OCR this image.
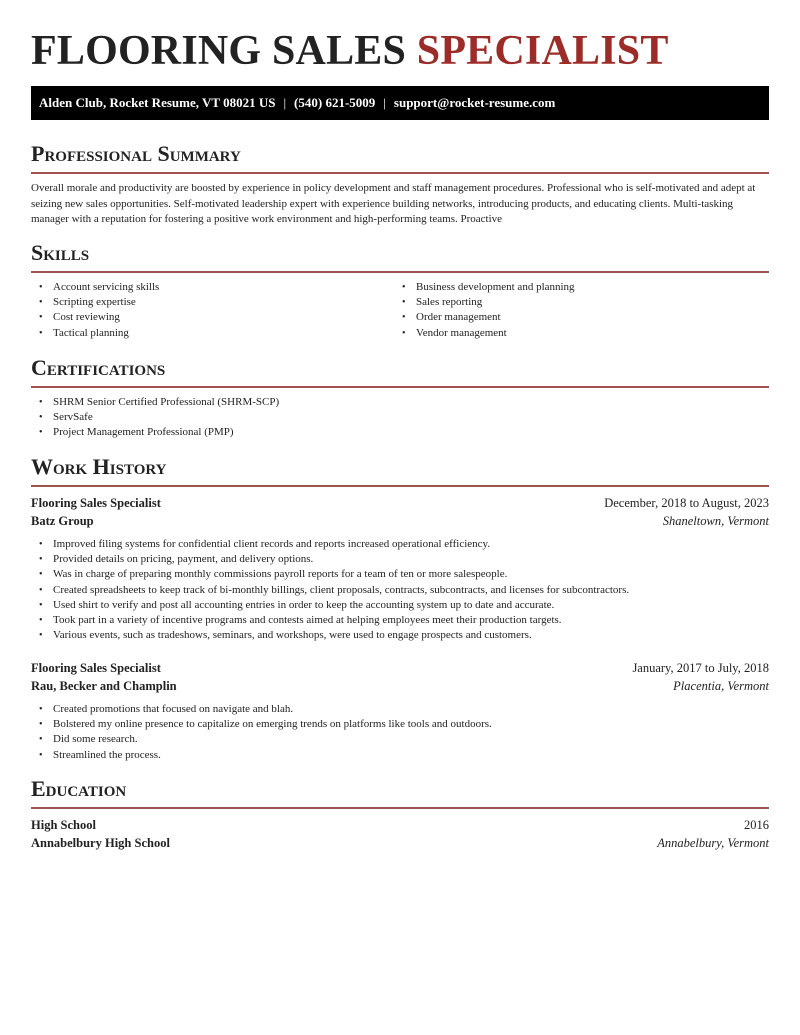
FLOORING SALES SPECIALIST
Alden Club, Rocket Resume, VT 08021 US | (540) 621-5009 | support@rocket-resume.com
Professional Summary
Overall morale and productivity are boosted by experience in policy development and staff management procedures. Professional who is self-motivated and adept at seizing new sales opportunities. Self-motivated leadership expert with experience building networks, introducing products, and educating clients. Multi-tasking manager with a reputation for fostering a positive work environment and high-performing teams. Proactive
Skills
• Account servicing skills
• Scripting expertise
• Cost reviewing
• Tactical planning
• Business development and planning
• Sales reporting
• Order management
• Vendor management
Certifications
• SHRM Senior Certified Professional (SHRM-SCP)
• ServSafe
• Project Management Professional (PMP)
Work History
Flooring Sales Specialist	December, 2018 to August, 2023
Batz Group	Shaneltown, Vermont
• Improved filing systems for confidential client records and reports increased operational efficiency.
• Provided details on pricing, payment, and delivery options.
• Was in charge of preparing monthly commissions payroll reports for a team of ten or more salespeople.
• Created spreadsheets to keep track of bi-monthly billings, client proposals, contracts, subcontracts, and licenses for subcontractors.
• Used shirt to verify and post all accounting entries in order to keep the accounting system up to date and accurate.
• Took part in a variety of incentive programs and contests aimed at helping employees meet their production targets.
• Various events, such as tradeshows, seminars, and workshops, were used to engage prospects and customers.
Flooring Sales Specialist	January, 2017 to July, 2018
Rau, Becker and Champlin	Placentia, Vermont
• Created promotions that focused on navigate and blah.
• Bolstered my online presence to capitalize on emerging trends on platforms like tools and outdoors.
• Did some research.
• Streamlined the process.
Education
High School	2016
Annabelbury High School	Annabelbury, Vermont
